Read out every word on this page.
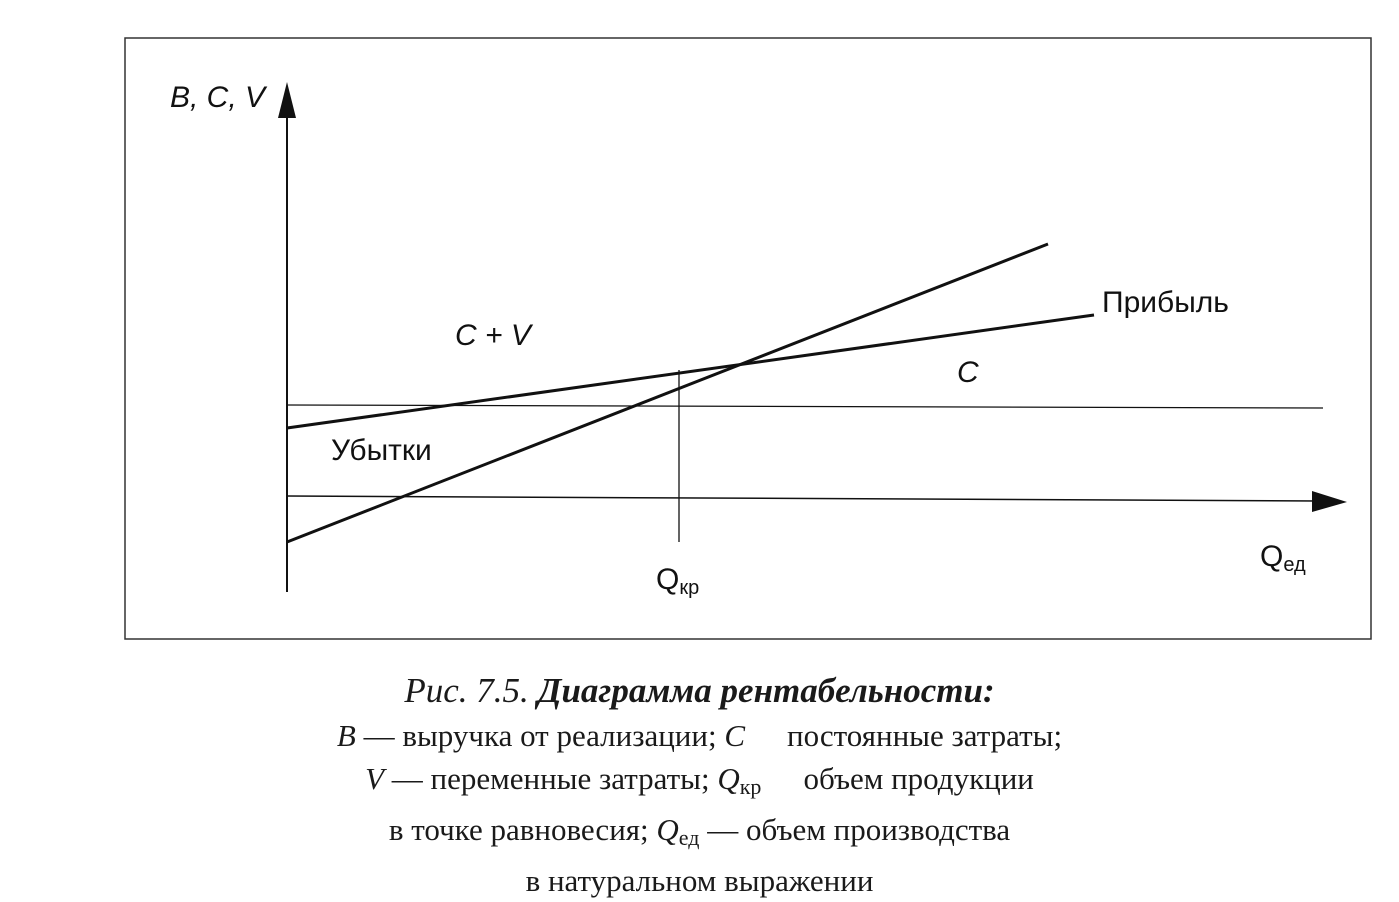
B, C, V
C + V
Прибыль
C
Убытки
Qкр
Qед
Рис. 7.5. Диаграмма рентабельности:
B — выручка от реализации; C постоянные затраты;
V — переменные затраты; $Q_{кр}$ объем продукции
в точке равновесия; $Q_{ед}$ — объем производства
в натуральном выражении
